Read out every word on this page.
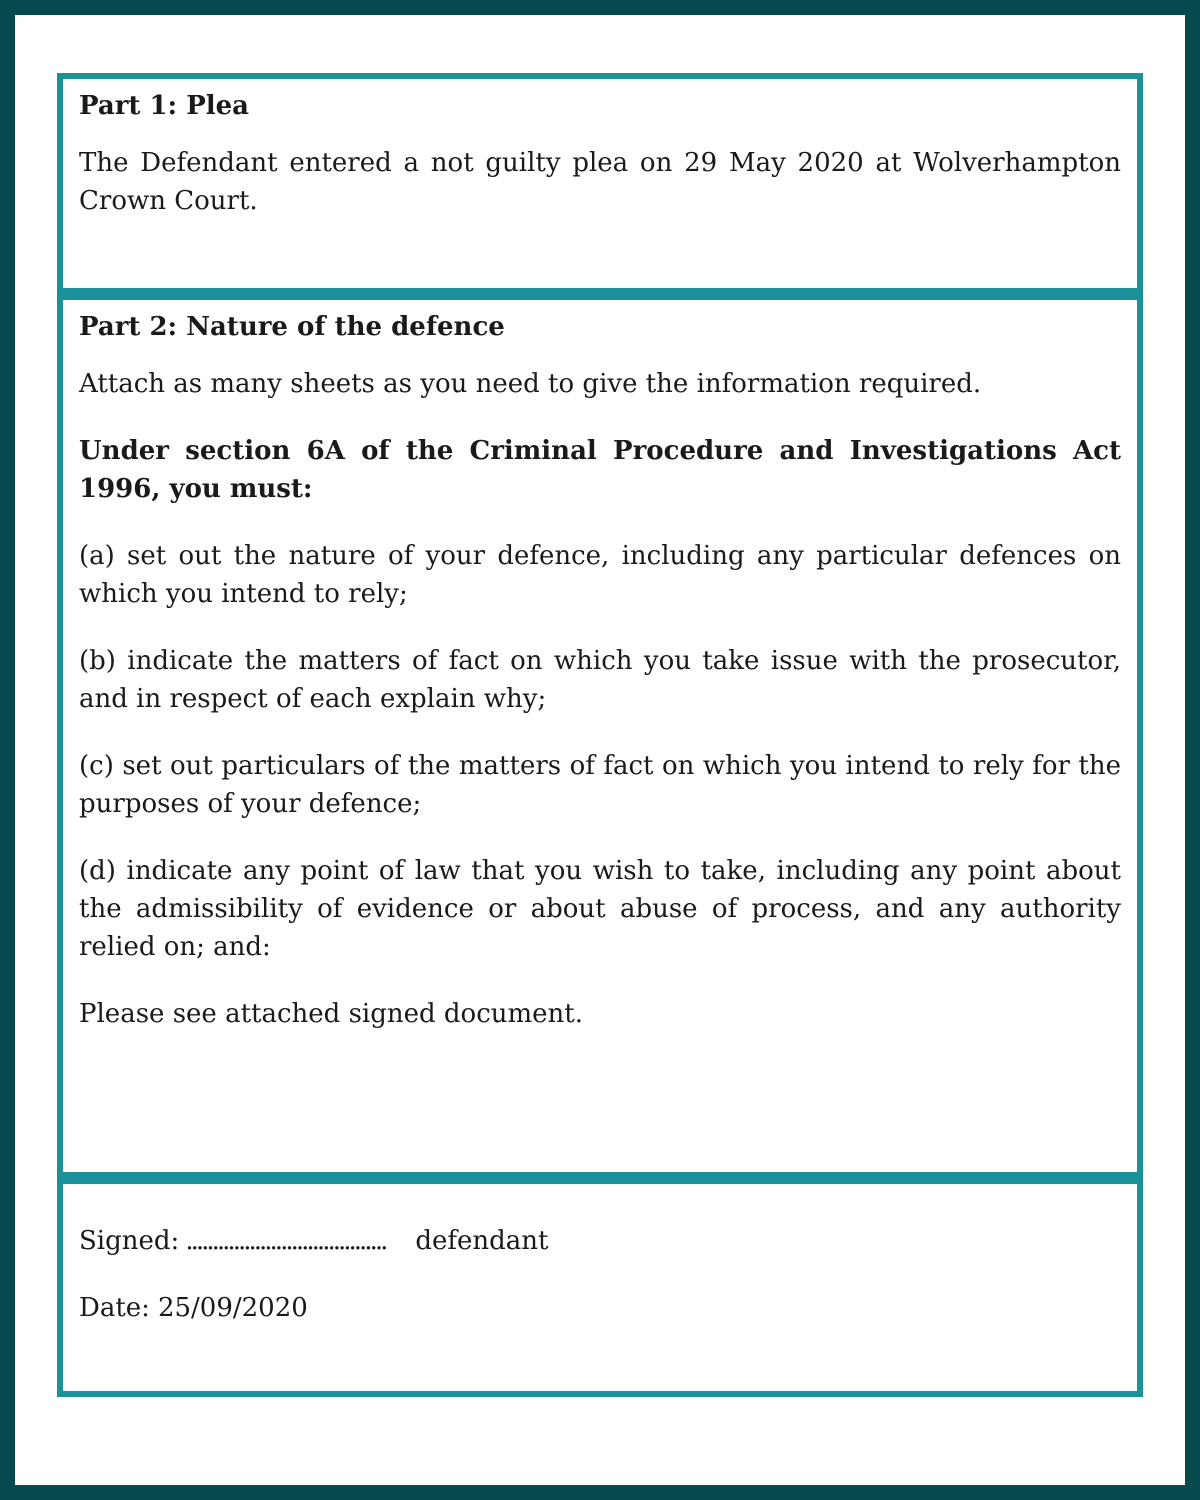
Part 1: Plea

The Defendant entered a not guilty plea on 29 May 2020 at Wolverhampton Crown Court.

Part 2: Nature of the defence

Attach as many sheets as you need to give the information required.

Under section 6A of the Criminal Procedure and Investigations Act 1996, you must:

(a) set out the nature of your defence, including any particular defences on which you intend to rely;

(b) indicate the matters of fact on which you take issue with the prosecutor, and in respect of each explain why;

(c) set out particulars of the matters of fact on which you intend to rely for the purposes of your defence;

(d) indicate any point of law that you wish to take, including any point about the admissibility of evidence or about abuse of process, and any authority relied on; and:

Please see attached signed document.

Signed: ...................................... defendant

Date: 25/09/2020
